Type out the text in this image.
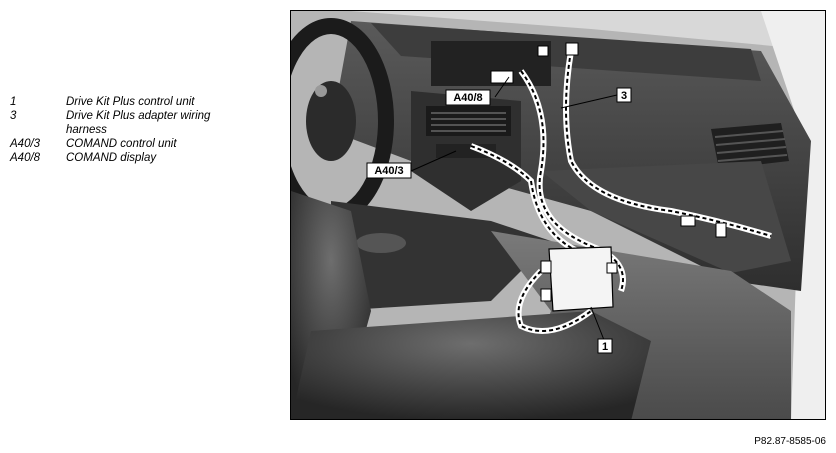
1	Drive Kit Plus control unit
3	Drive Kit Plus adapter wiring harness
A40/3	COMAND control unit
A40/8	COMAND display
A40/8
A40/3
3
1
P82.87-8585-06
